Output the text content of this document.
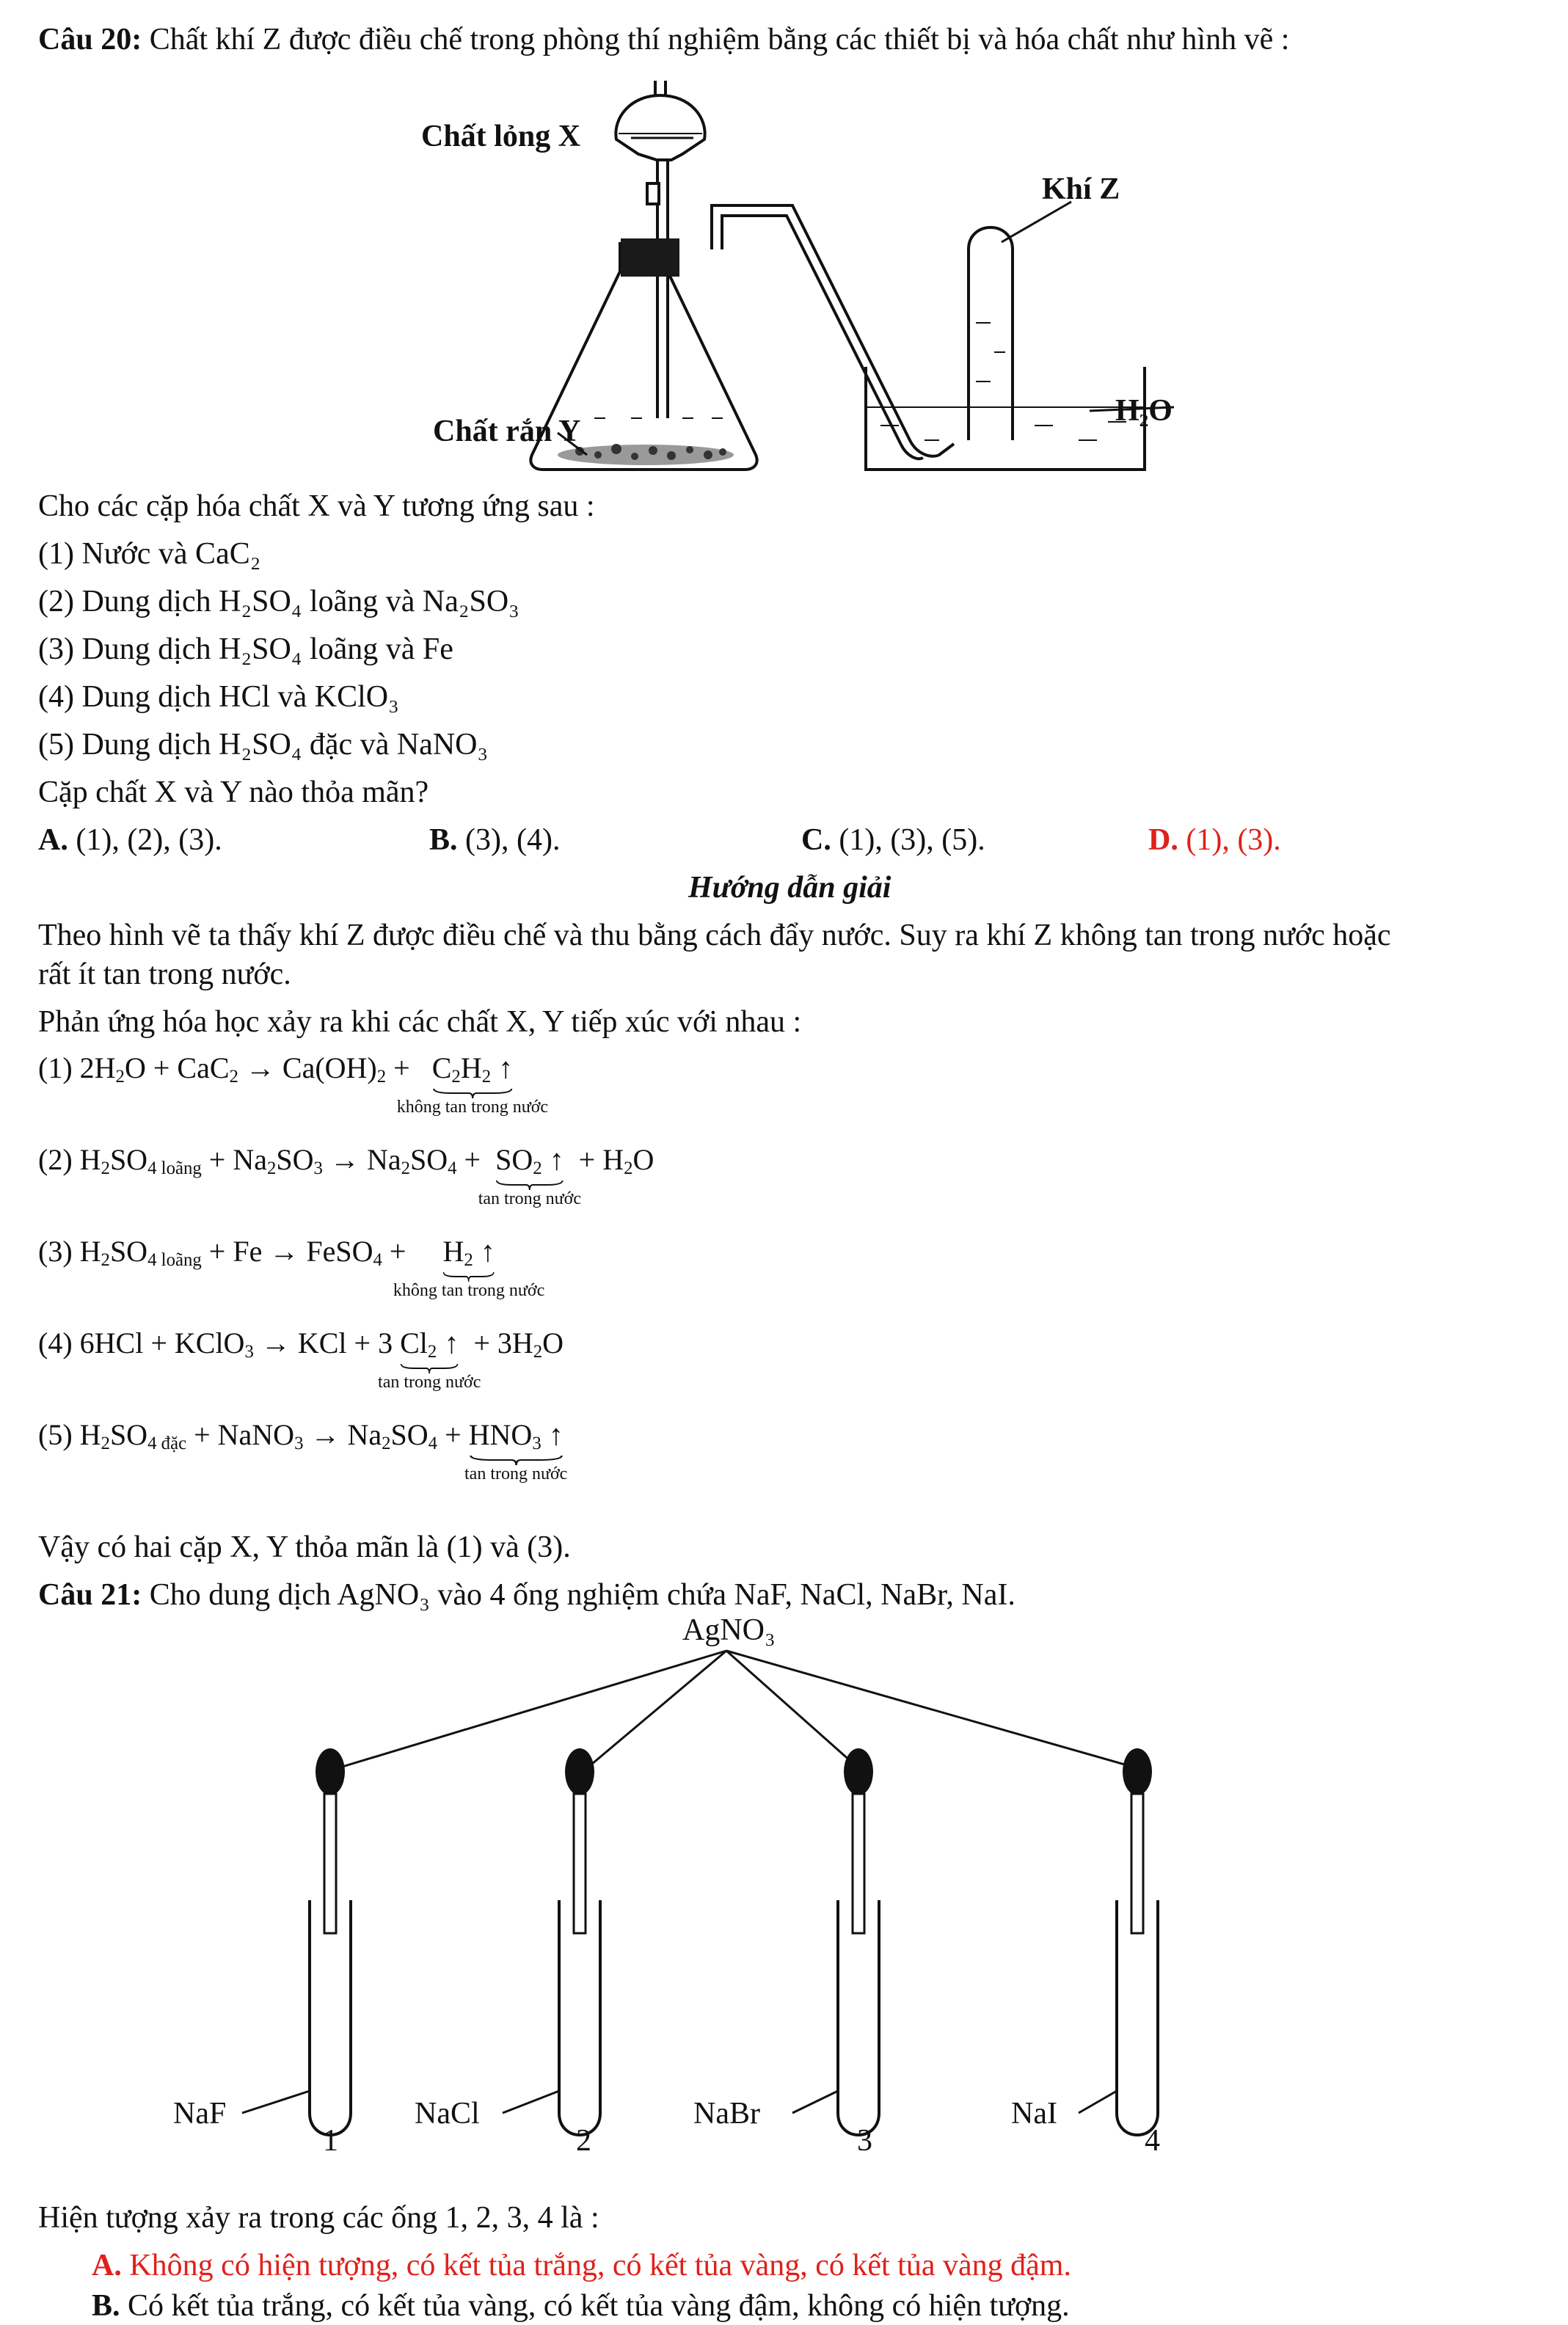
Câu 20: Chất khí Z được điều chế trong phòng thí nghiệm bằng các thiết bị và hóa chất như hình vẽ :
Chất lỏng X
Khí Z
Chất rắn Y
H₂O
Cho các cặp hóa chất X và Y tương ứng sau :
(1) Nước và CaC₂
(2) Dung dịch H₂SO₄ loãng và Na₂SO₃
(3) Dung dịch H₂SO₄ loãng và Fe
(4) Dung dịch HCl và KClO₃
(5) Dung dịch H₂SO₄ đặc và NaNO₃
Cặp chất X và Y nào thỏa mãn?
A. (1), (2), (3).	B. (3), (4).	C. (1), (3), (5).	D. (1), (3).
Hướng dẫn giải
Theo hình vẽ ta thấy khí Z được điều chế và thu bằng cách đẩy nước. Suy ra khí Z không tan trong nước hoặc
rất ít tan trong nước.
Phản ứng hóa học xảy ra khi các chất X, Y tiếp xúc với nhau :
(1) $2H_2O + CaC_2 \to Ca(OH)_2 + C_2H_2$ ↑
không tan trong nước
(2) $H_2SO_{4 loãng} + Na_2SO_3 \to Na_2SO_4 + SO_2$ ↑
tan trong nước
+ $H_2O$
(3) $H_2SO_{4 loãng} + Fe$ → FeSO$_4$ + $H_2$ ↑
không tan trong nước
(4) 6HCl + KClO$_3$ → KCl + 3 $Cl_2$ ↑
tan trong nước
+ $3H_2O$
(5) $H_2SO_{4 đặc}$ + NaNO$_3$ → $Na_2SO_4 + HNO_3$ ↑
tan trong nước
Vậy có hai cặp X, Y thỏa mãn là (1) và (3).
Câu 21: Cho dung dịch AgNO₃ vào 4 ống nghiệm chứa NaF, NaCl, NaBr, NaI.
AgNO₃
NaF
1
NaCl
2
NaBr
3
NaI
4
Hiện tượng xảy ra trong các ống 1, 2, 3, 4 là :
A. Không có hiện tượng, có kết tủa trắng, có kết tủa vàng, có kết tủa vàng đậm.
B. Có kết tủa trắng, có kết tủa vàng, có kết tủa vàng đậm, không có hiện tượng.
